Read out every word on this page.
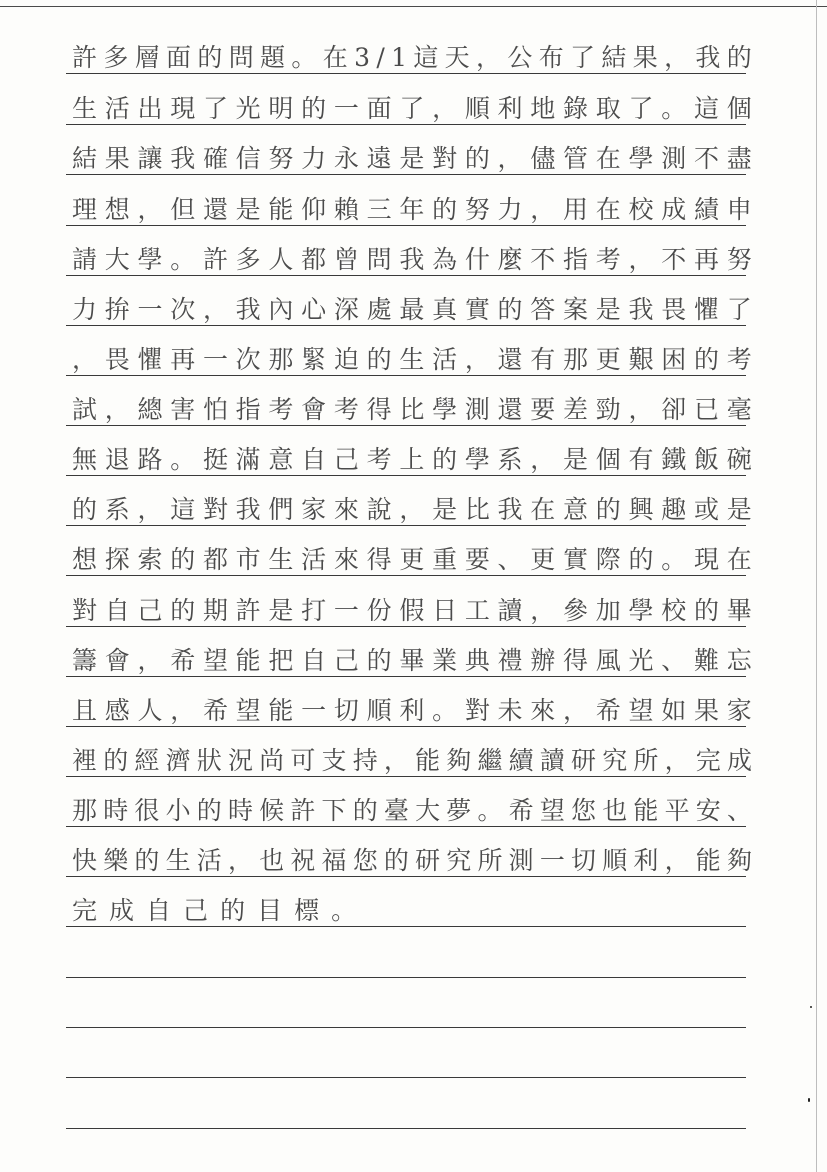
許 多 層 面 的 問 題 。 在 3 / 1 這 天 ， 公 布 了 結 果 ， 我 的
生 活 出 現 了 光 明 的 一 面 了 ， 順 利 地 錄 取 了 。 這 個
結 果 讓 我 確 信 努 力 永 遠 是 對 的 ， 儘 管 在 學 測 不 盡
理 想 ， 但 還 是 能 仰 賴 三 年 的 努 力 ， 用 在 校 成 績 申
請 大 學 。 許 多 人 都 曾 問 我 為 什 麼 不 指 考 ， 不 再 努
力 拚 一 次 ， 我 內 心 深 處 最 真 實 的 答 案 是 我 畏 懼 了
， 畏 懼 再 一 次 那 緊 迫 的 生 活 ， 還 有 那 更 艱 困 的 考
試 ， 總 害 怕 指 考 會 考 得 比 學 測 還 要 差 勁 ， 卻 已 毫
無 退 路 。 挺 滿 意 自 己 考 上 的 學 系 ， 是 個 有 鐵 飯 碗
的 系 ， 這 對 我 們 家 來 說 ， 是 比 我 在 意 的 興 趣 或 是
想 探 索 的 都 市 生 活 來 得 更 重 要 、 更 實 際 的 。 現 在
對 自 己 的 期 許 是 打 一 份 假 日 工 讀 ， 參 加 學 校 的 畢
籌 會 ， 希 望 能 把 自 己 的 畢 業 典 禮 辦 得 風 光 、 難 忘
且 感 人 ， 希 望 能 一 切 順 利 。 對 未 來 ， 希 望 如 果 家
裡 的 經 濟 狀 況 尚 可 支 持 ， 能 夠 繼 續 讀 研 究 所 ， 完 成
那 時 很 小 的 時 候 許 下 的 臺 大 夢 。 希 望 您 也 能 平 安 、
快 樂 的 生 活 ， 也 祝 福 您 的 研 究 所 測 一 切 順 利 ， 能 夠
完 成 自 己 的 目 標 。
